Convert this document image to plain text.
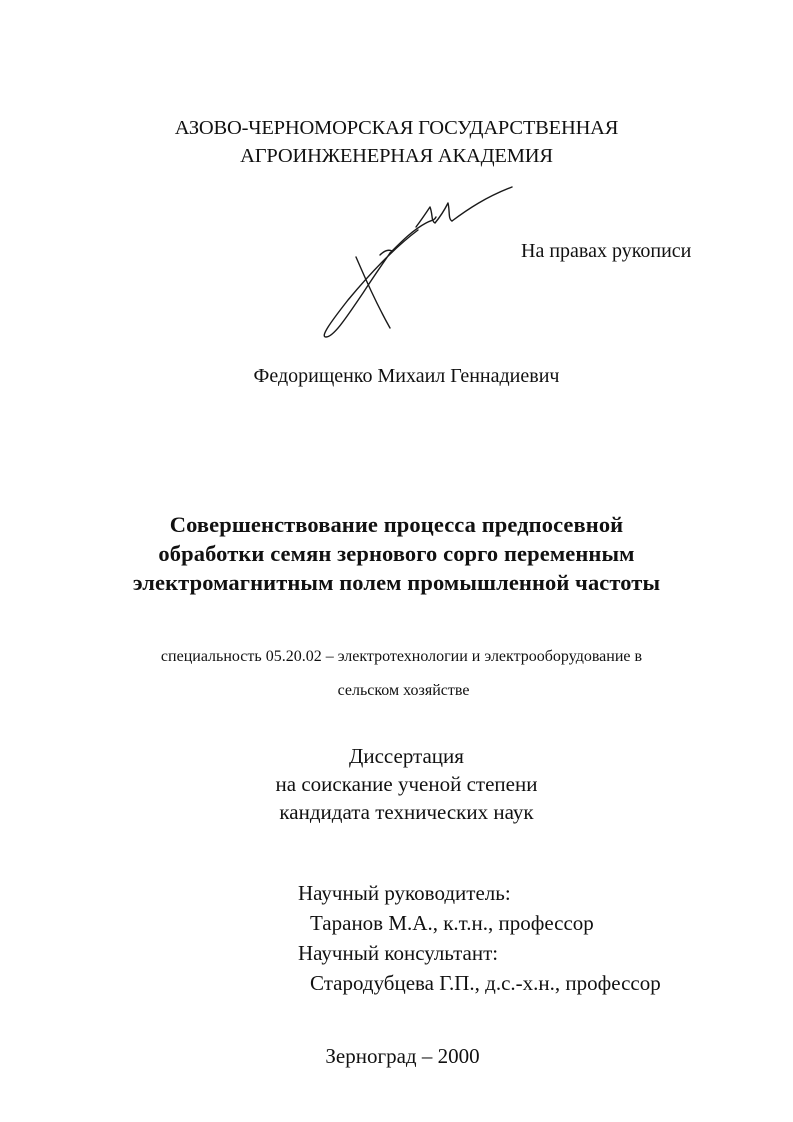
АЗОВО-ЧЕРНОМОРСКАЯ ГОСУДАРСТВЕННАЯ
АГРОИНЖЕНЕРНАЯ АКАДЕМИЯ
На правах рукописи
Федорищенко Михаил Геннадиевич
Совершенствование процесса предпосевной
обработки семян зернового сорго переменным
электромагнитным полем промышленной частоты
специальность 05.20.02 – электротехнологии и электрооборудование в
сельском хозяйстве
Диссертация
на соискание ученой степени
кандидата технических наук
Научный руководитель:
Таранов М.А., к.т.н., профессор
Научный консультант:
Стародубцева Г.П., д.с.-х.н., профессор
Зерноград – 2000
